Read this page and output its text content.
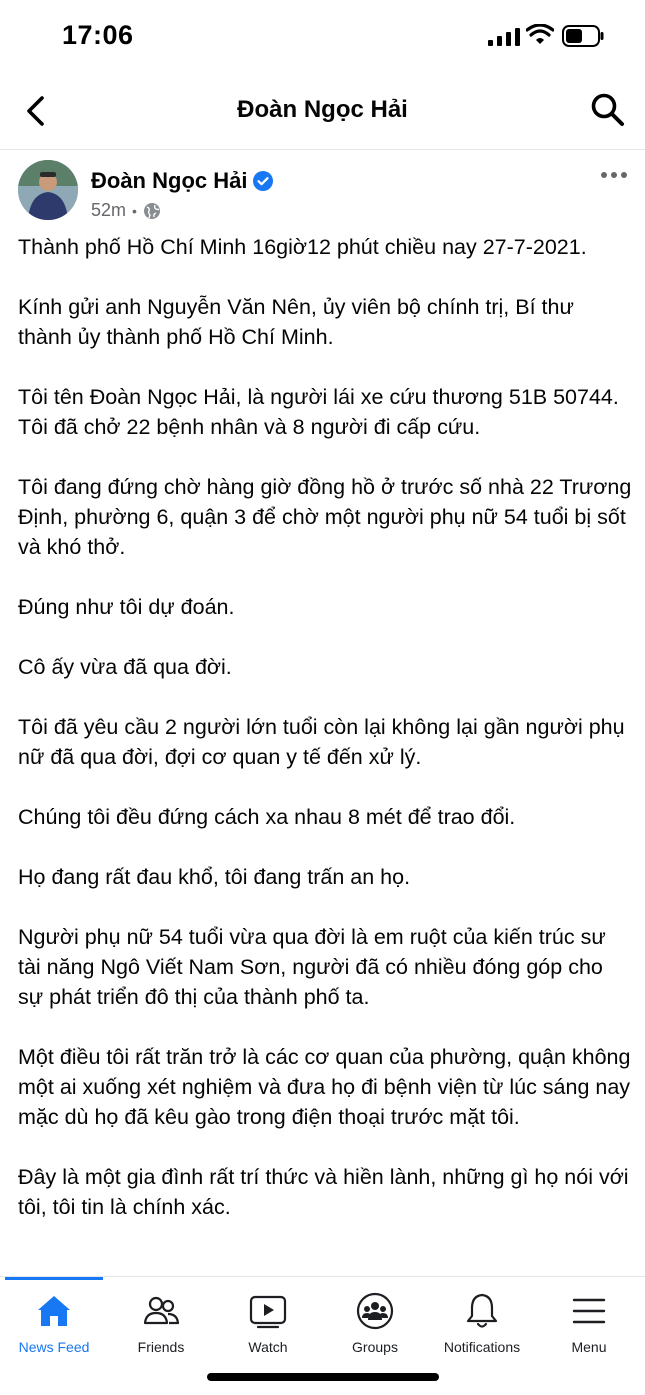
17:06
Đoàn Ngọc Hải
Đoàn Ngọc Hải
52m •

Thành phố Hồ Chí Minh 16giờ12 phút chiều nay 27-7-2021.

Kính gửi anh Nguyễn Văn Nên, ủy viên bộ chính trị, Bí thư thành ủy thành phố Hồ Chí Minh.

Tôi tên Đoàn Ngọc Hải, là người lái xe cứu thương 51B 50744. Tôi đã chở 22 bệnh nhân và 8 người đi cấp cứu.

Tôi đang đứng chờ hàng giờ đồng hồ ở trước số nhà 22 Trương Định, phường 6, quận 3 để chờ một người phụ nữ 54 tuổi bị sốt và khó thở.

Đúng như tôi dự đoán.

Cô ấy vừa đã qua đời.

Tôi đã yêu cầu 2 người lớn tuổi còn lại không lại gần người phụ nữ đã qua đời, đợi cơ quan y tế đến xử lý.

Chúng tôi đều đứng cách xa nhau 8 mét để trao đổi.

Họ đang rất đau khổ, tôi đang trấn an họ.

Người phụ nữ 54 tuổi vừa qua đời là em ruột của kiến trúc sư tài năng Ngô Viết Nam Sơn, người đã có nhiều đóng góp cho sự phát triển đô thị của thành phố ta.

Một điều tôi rất trăn trở là các cơ quan của phường, quận không một ai xuống xét nghiệm và đưa họ đi bệnh viện từ lúc sáng nay mặc dù họ đã kêu gào trong điện thoại trước mặt tôi.

Đây là một gia đình rất trí thức và hiền lành, những gì họ nói với tôi, tôi tin là chính xác.

News Feed	Friends	Watch	Groups	Notifications	Menu
